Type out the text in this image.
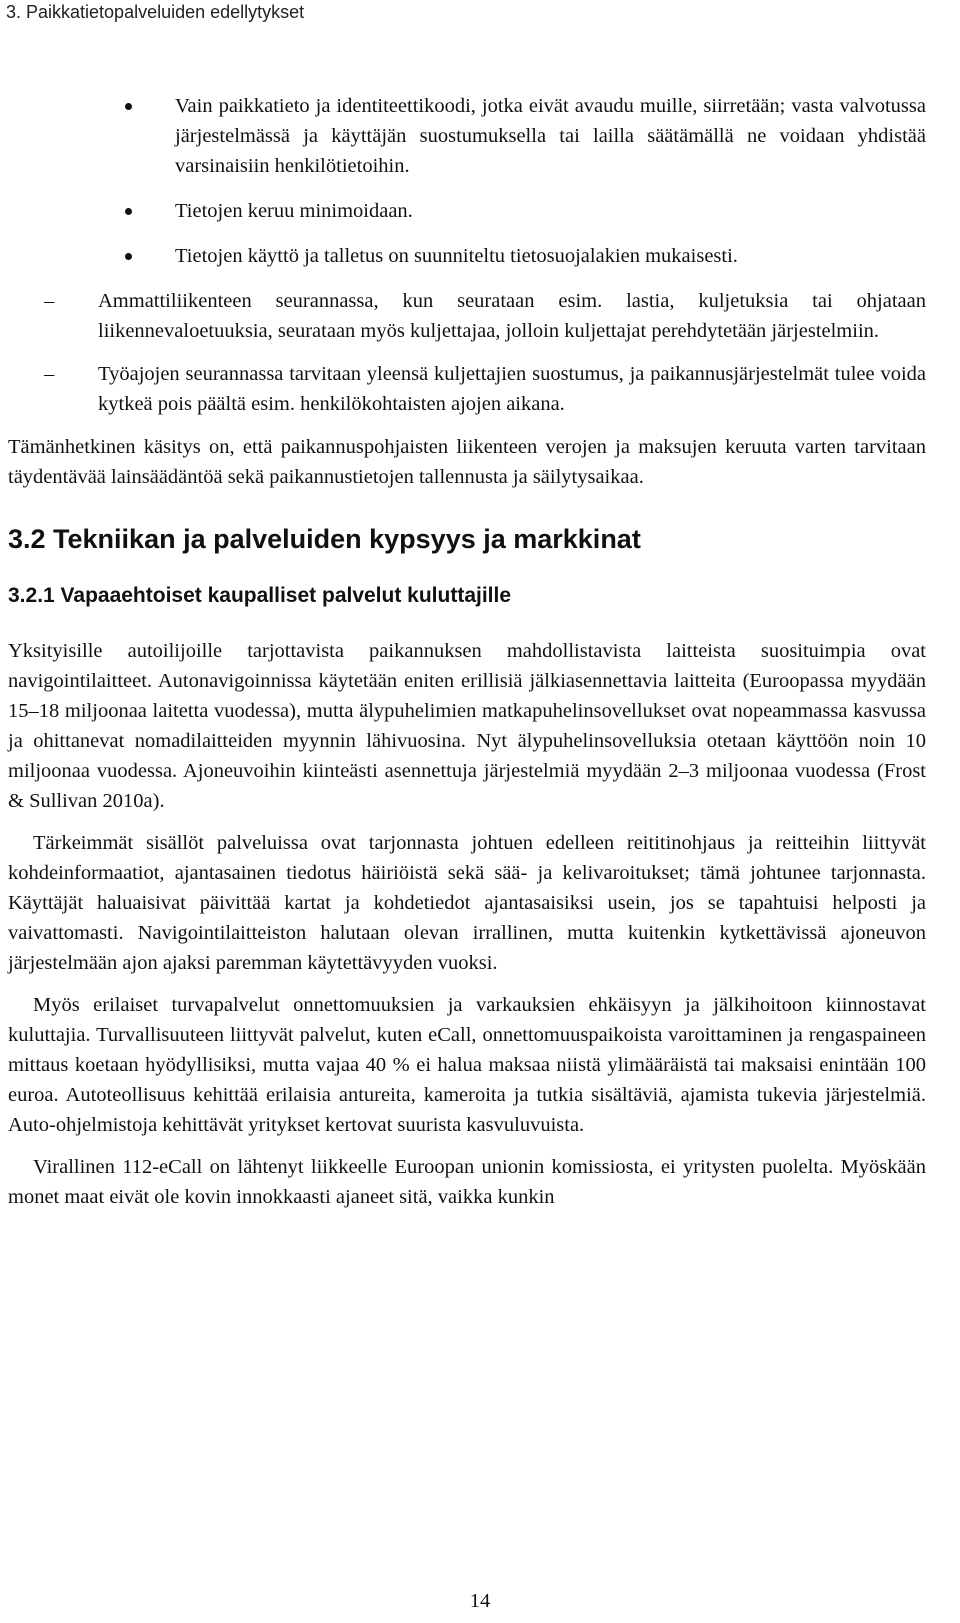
3. Paikkatietopalveluiden edellytykset
Vain paikkatieto ja identiteettikoodi, jotka eivät avaudu muille, siirretään; vasta valvotussa järjestelmässä ja käyttäjän suostumuksella tai lailla säätämällä ne voidaan yhdistää varsinaisiin henkilötietoihin.
Tietojen keruu minimoidaan.
Tietojen käyttö ja talletus on suunniteltu tietosuojalakien mukaisesti.
– Ammattiliikenteen seurannassa, kun seurataan esim. lastia, kuljetuksia tai ohjataan liikennevaloetuuksia, seurataan myös kuljettajaa, jolloin kuljettajat perehdytetään järjestelmiin.
– Työajojen seurannassa tarvitaan yleensä kuljettajien suostumus, ja paikannusjärjestelmät tulee voida kytkeä pois päältä esim. henkilökohtaisten ajojen aikana.

Tämänhetkinen käsitys on, että paikannuspohjaisten liikenteen verojen ja maksujen keruuta varten tarvitaan täydentävää lainsäädäntöä sekä paikannustietojen tallennusta ja säilytysaikaa.

3.2 Tekniikan ja palveluiden kypsyys ja markkinat
3.2.1 Vapaaehtoiset kaupalliset palvelut kuluttajille

Yksityisille autoilijoille tarjottavista paikannuksen mahdollistavista laitteista suosituimpia ovat navigointilaitteet. Autonavigoinnissa käytetään eniten erillisiä jälkiasennettavia laitteita (Euroopassa myydään 15–18 miljoonaa laitetta vuodessa), mutta älypuhelimien matkapuhelinsovellukset ovat nopeammassa kasvussa ja ohittanevat nomadilaitteiden myynnin lähivuosina. Nyt älypuhelinsovelluksia otetaan käyttöön noin 10 miljoonaa vuodessa. Ajoneuvoihin kiinteästi asennettuja järjestelmiä myydään 2–3 miljoonaa vuodessa (Frost & Sullivan 2010a).

Tärkeimmät sisällöt palveluissa ovat tarjonnasta johtuen edelleen reititinohjaus ja reitteihin liittyvät kohdeinformaatiot, ajantasainen tiedotus häiriöistä sekä sää- ja kelivaroitukset; tämä johtunee tarjonnasta. Käyttäjät haluaisivat päivittää kartat ja kohdetiedot ajantasaisiksi usein, jos se tapahtuisi helposti ja vaivattomasti. Navigointilaitteiston halutaan olevan irrallinen, mutta kuitenkin kytkettävissä ajoneuvon järjestelmään ajon ajaksi paremman käytettävyyden vuoksi.

Myös erilaiset turvapalvelut onnettomuuksien ja varkauksien ehkäisyyn ja jälkihoitoon kiinnostavat kuluttajia. Turvallisuuteen liittyvät palvelut, kuten eCall, onnettomuuspaikoista varoittaminen ja rengaspaineen mittaus koetaan hyödyllisiksi, mutta vajaa 40 % ei halua maksaa niistä ylimääräistä tai maksaisi enintään 100 euroa. Autoteollisuus kehittää erilaisia antureita, kameroita ja tutkia sisältäviä, ajamista tukevia järjestelmiä. Auto-ohjelmistoja kehittävät yritykset kertovat suurista kasvuluvuista.

Virallinen 112-eCall on lähtenyt liikkeelle Euroopan unionin komissiosta, ei yritysten puolelta. Myöskään monet maat eivät ole kovin innokkaasti ajaneet sitä, vaikka kunkin

14
